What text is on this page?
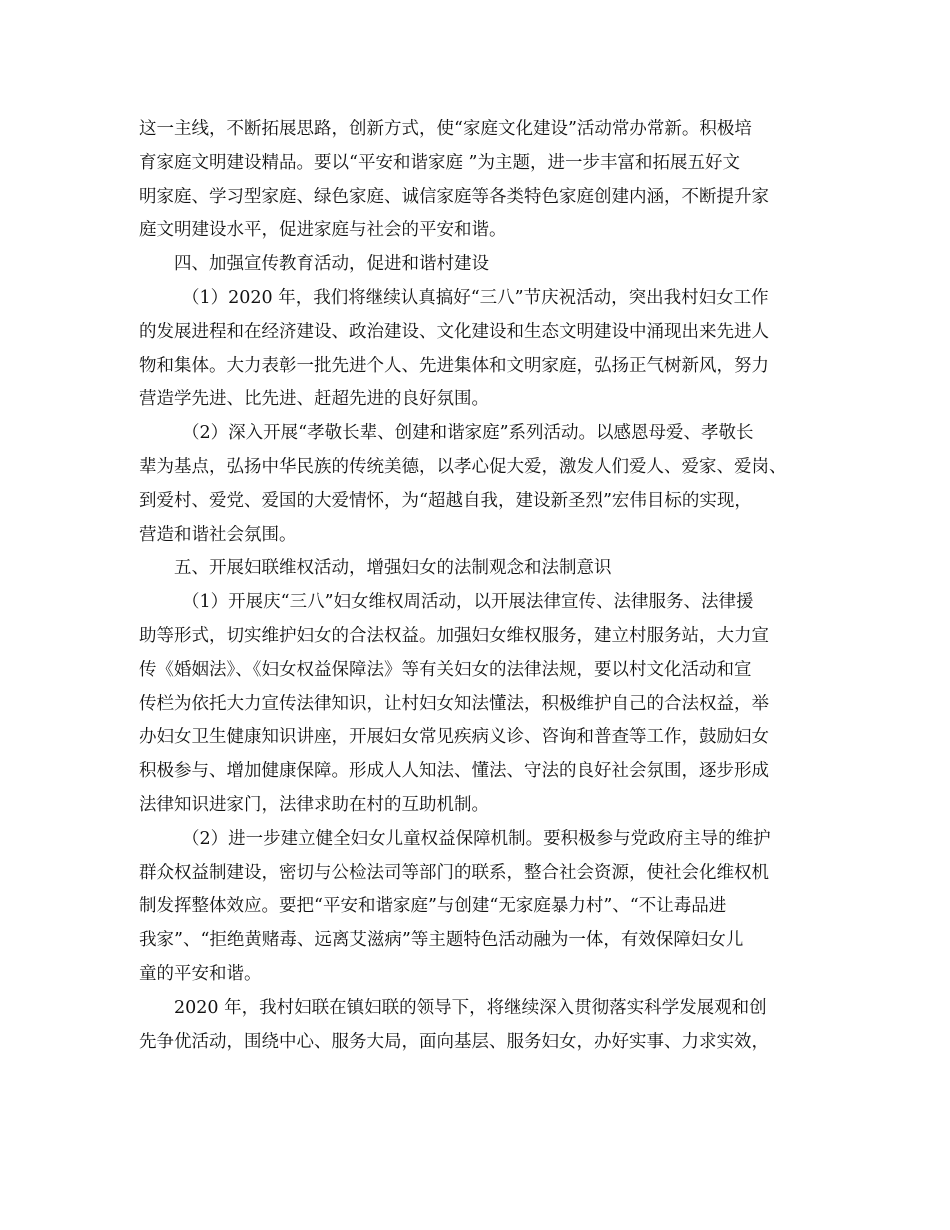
这一主线，不断拓展思路，创新方式，使“家庭文化建设”活动常办常新。积极培
育家庭文明建设精品。要以“平安和谐家庭 ”为主题，进一步丰富和拓展五好文
明家庭、学习型家庭、绿色家庭、诚信家庭等各类特色家庭创建内涵，不断提升家
庭文明建设水平，促进家庭与社会的平安和谐。
四、加强宣传教育活动，促进和谐村建设
（1）2020 年，我们将继续认真搞好“三八”节庆祝活动，突出我村妇女工作
的发展进程和在经济建设、政治建设、文化建设和生态文明建设中涌现出来先进人
物和集体。大力表彰一批先进个人、先进集体和文明家庭，弘扬正气树新风，努力
营造学先进、比先进、赶超先进的良好氛围。
（2）深入开展“孝敬长辈、创建和谐家庭”系列活动。以感恩母爱、孝敬长
辈为基点，弘扬中华民族的传统美德，以孝心促大爱，激发人们爱人、爱家、爱岗、
到爱村、爱党、爱国的大爱情怀，为“超越自我，建设新圣烈”宏伟目标的实现，
营造和谐社会氛围。
五、开展妇联维权活动，增强妇女的法制观念和法制意识
（1）开展庆“三八”妇女维权周活动，以开展法律宣传、法律服务、法律援
助等形式，切实维护妇女的合法权益。加强妇女维权服务，建立村服务站，大力宣
传《婚姻法》、《妇女权益保障法》等有关妇女的法律法规，要以村文化活动和宣
传栏为依托大力宣传法律知识，让村妇女知法懂法，积极维护自己的合法权益，举
办妇女卫生健康知识讲座，开展妇女常见疾病义诊、咨询和普查等工作，鼓励妇女
积极参与、增加健康保障。形成人人知法、懂法、守法的良好社会氛围，逐步形成
法律知识进家门，法律求助在村的互助机制。
（2）进一步建立健全妇女儿童权益保障机制。要积极参与党政府主导的维护
群众权益制建设，密切与公检法司等部门的联系，整合社会资源，使社会化维权机
制发挥整体效应。要把“平安和谐家庭”与创建“无家庭暴力村”、“不让毒品进
我家”、“拒绝黄赌毒、远离艾滋病”等主题特色活动融为一体，有效保障妇女儿
童的平安和谐。
2020 年，我村妇联在镇妇联的领导下，将继续深入贯彻落实科学发展观和创
先争优活动，围绕中心、服务大局，面向基层、服务妇女，办好实事、力求实效，
